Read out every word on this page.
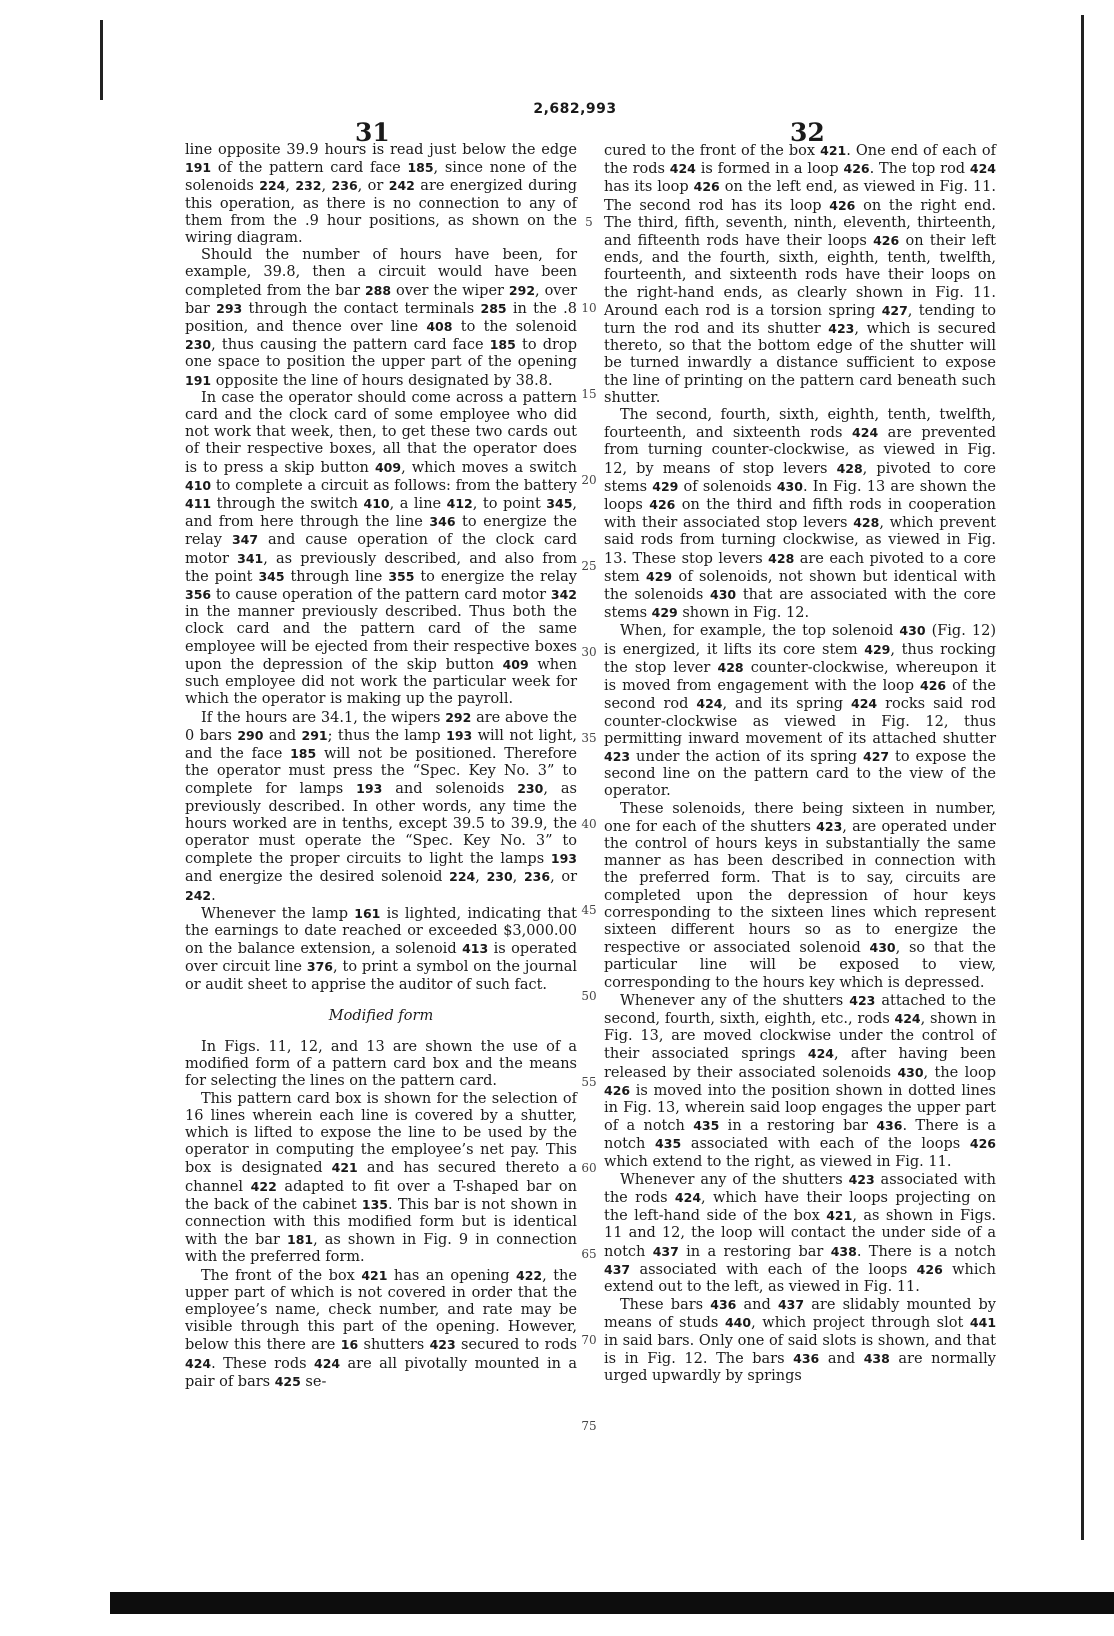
2,682,993
31	32

line opposite 39.9 hours is read just below the edge 191 of the pattern card face 185, since none of the solenoids 224, 232, 236, or 242 are energized during this operation, as there is no connection to any of them from the .9 hour positions, as shown on the wiring diagram.

Should the number of hours have been, for example, 39.8, then a circuit would have been completed from the bar 288 over the wiper 292, over bar 293 through the contact terminals 285 in the .8 position, and thence over line 408 to the solenoid 230, thus causing the pattern card face 185 to drop one space to position the upper part of the opening 191 opposite the line of hours designated by 38.8.

In case the operator should come across a pattern card and the clock card of some employee who did not work that week, then, to get these two cards out of their respective boxes, all that the operator does is to press a skip button 409, which moves a switch 410 to complete a circuit as follows: from the battery 411 through the switch 410, a line 412, to point 345, and from here through the line 346 to energize the relay 347 and cause operation of the clock card motor 341, as previously described, and also from the point 345 through line 355 to energize the relay 356 to cause operation of the pattern card motor 342 in the manner previously described. Thus both the clock card and the pattern card of the same employee will be ejected from their respective boxes upon the depression of the skip button 409 when such employee did not work the particular week for which the operator is making up the payroll.

If the hours are 34.1, the wipers 292 are above the 0 bars 290 and 291; thus the lamp 193 will not light, and the face 185 will not be positioned. Therefore the operator must press the “Spec. Key No. 3” to complete for lamps 193 and solenoids 230, as previously described. In other words, any time the hours worked are in tenths, except 39.5 to 39.9, the operator must operate the “Spec. Key No. 3” to complete the proper circuits to light the lamps 193 and energize the desired solenoid 224, 230, 236, or 242.

Whenever the lamp 161 is lighted, indicating that the earnings to date reached or exceeded $3,000.00 on the balance extension, a solenoid 413 is operated over circuit line 376, to print a symbol on the journal or audit sheet to apprise the auditor of such fact.

Modified form

In Figs. 11, 12, and 13 are shown the use of a modified form of a pattern card box and the means for selecting the lines on the pattern card.

This pattern card box is shown for the selection of 16 lines wherein each line is covered by a shutter, which is lifted to expose the line to be used by the operator in computing the employee’s net pay. This box is designated 421 and has secured thereto a channel 422 adapted to fit over a T-shaped bar on the back of the cabinet 135. This bar is not shown in connection with this modified form but is identical with the bar 181, as shown in Fig. 9 in connection with the preferred form.

The front of the box 421 has an opening 422, the upper part of which is not covered in order that the employee’s name, check number, and rate may be visible through this part of the opening. However, below this there are 16 shutters 423 secured to rods 424. These rods 424 are all pivotally mounted in a pair of bars 425 se-

5
10
15
20
25
30
35
40
45
50
55
60
65
70
75

cured to the front of the box 421. One end of each of the rods 424 is formed in a loop 426. The top rod 424 has its loop 426 on the left end, as viewed in Fig. 11. The second rod has its loop 426 on the right end. The third, fifth, seventh, ninth, eleventh, thirteenth, and fifteenth rods have their loops 426 on their left ends, and the fourth, sixth, eighth, tenth, twelfth, fourteenth, and sixteenth rods have their loops on the right-hand ends, as clearly shown in Fig. 11. Around each rod is a torsion spring 427, tending to turn the rod and its shutter 423, which is secured thereto, so that the bottom edge of the shutter will be turned inwardly a distance sufficient to expose the line of printing on the pattern card beneath such shutter.

The second, fourth, sixth, eighth, tenth, twelfth, fourteenth, and sixteenth rods 424 are prevented from turning counter-clockwise, as viewed in Fig. 12, by means of stop levers 428, pivoted to core stems 429 of solenoids 430. In Fig. 13 are shown the loops 426 on the third and fifth rods in cooperation with their associated stop levers 428, which prevent said rods from turning clockwise, as viewed in Fig. 13. These stop levers 428 are each pivoted to a core stem 429 of solenoids, not shown but identical with the solenoids 430 that are associated with the core stems 429 shown in Fig. 12.

When, for example, the top solenoid 430 (Fig. 12) is energized, it lifts its core stem 429, thus rocking the stop lever 428 counter-clockwise, whereupon it is moved from engagement with the loop 426 of the second rod 424, and its spring 424 rocks said rod counter-clockwise as viewed in Fig. 12, thus permitting inward movement of its attached shutter 423 under the action of its spring 427 to expose the second line on the pattern card to the view of the operator.

These solenoids, there being sixteen in number, one for each of the shutters 423, are operated under the control of hours keys in substantially the same manner as has been described in connection with the preferred form. That is to say, circuits are completed upon the depression of hour keys corresponding to the sixteen lines which represent sixteen different hours so as to energize the respective or associated solenoid 430, so that the particular line will be exposed to view, corresponding to the hours key which is depressed.

Whenever any of the shutters 423 attached to the second, fourth, sixth, eighth, etc., rods 424, shown in Fig. 13, are moved clockwise under the control of their associated springs 424, after having been released by their associated solenoids 430, the loop 426 is moved into the position shown in dotted lines in Fig. 13, wherein said loop engages the upper part of a notch 435 in a restoring bar 436. There is a notch 435 associated with each of the loops 426 which extend to the right, as viewed in Fig. 11.

Whenever any of the shutters 423 associated with the rods 424, which have their loops projecting on the left-hand side of the box 421, as shown in Figs. 11 and 12, the loop will contact the under side of a notch 437 in a restoring bar 438. There is a notch 437 associated with each of the loops 426 which extend out to the left, as viewed in Fig. 11.

These bars 436 and 437 are slidably mounted by means of studs 440, which project through slot 441 in said bars. Only one of said slots is shown, and that is in Fig. 12. The bars 436 and 438 are normally urged upwardly by springs
